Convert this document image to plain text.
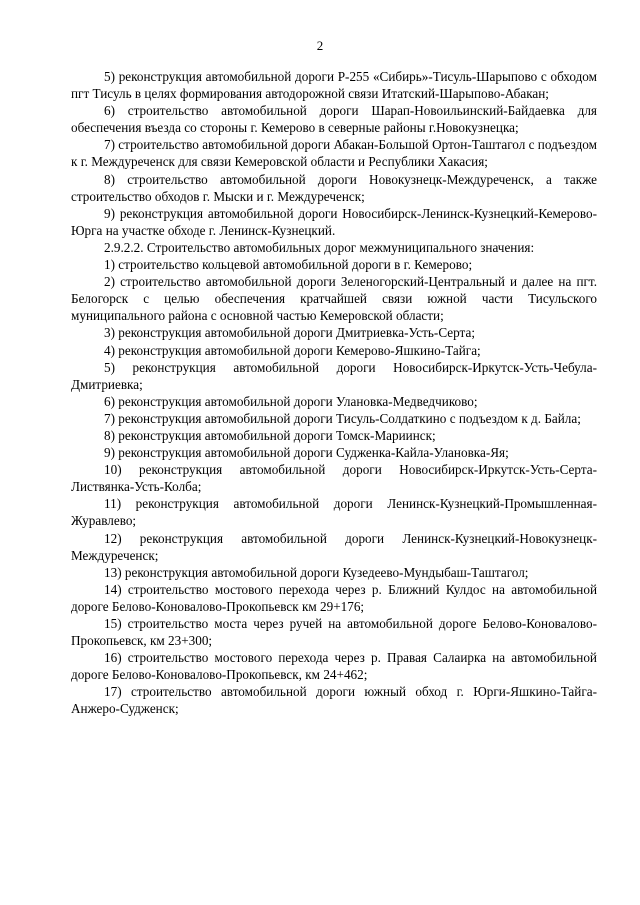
2

5) реконструкция автомобильной дороги Р-255 «Сибирь»-Тисуль-Шарыпово с обходом пгт Тисуль в целях формирования автодорожной связи Итатский-Шарыпово-Абакан;

6) строительство автомобильной дороги Шарап-Новоильинский-Байдаевка для обеспечения въезда со стороны г. Кемерово в северные районы г.Новокузнецка;

7) строительство автомобильной дороги Абакан-Большой Ортон-Таштагол с подъездом к г. Междуреченск для связи Кемеровской области и Республики Хакасия;

8) строительство автомобильной дороги Новокузнецк-Междуреченск, а также строительство обходов г. Мыски и г. Междуреченск;

9) реконструкция автомобильной дороги Новосибирск-Ленинск-Кузнецкий-Кемерово-Юрга на участке обходе г. Ленинск-Кузнецкий.

2.9.2.2. Строительство автомобильных дорог межмуниципального значения:

1) строительство кольцевой автомобильной дороги в г. Кемерово;

2) строительство автомобильной дороги Зеленогорский-Центральный и далее на пгт. Белогорск с целью обеспечения кратчайшей связи южной части Тисульского муниципального района с основной частью Кемеровской области;

3) реконструкция автомобильной дороги Дмитриевка-Усть-Серта;

4) реконструкция автомобильной дороги Кемерово-Яшкино-Тайга;

5) реконструкция автомобильной дороги Новосибирск-Иркутск-Усть-Чебула-Дмитриевка;

6) реконструкция автомобильной дороги Улановка-Медведчиково;

7) реконструкция автомобильной дороги Тисуль-Солдаткино с подъездом к д. Байла;

8) реконструкция автомобильной дороги Томск-Мариинск;

9) реконструкция автомобильной дороги Судженка-Кайла-Улановка-Яя;

10) реконструкция автомобильной дороги Новосибирск-Иркутск-Усть-Серта-Листвянка-Усть-Колба;

11) реконструкция автомобильной дороги Ленинск-Кузнецкий-Промышленная-Журавлево;

12) реконструкция автомобильной дороги Ленинск-Кузнецкий-Новокузнецк-Междуреченск;

13) реконструкция автомобильной дороги Кузедеево-Мундыбаш-Таштагол;

14) строительство мостового перехода через р. Ближний Кулдос на автомобильной дороге Белово-Коновалово-Прокопьевск км 29+176;

15) строительство моста через ручей на автомобильной дороге Белово-Коновалово-Прокопьевск, км 23+300;

16) строительство мостового перехода через р. Правая Салаирка на автомобильной дороге Белово-Коновалово-Прокопьевск, км 24+462;

17) строительство автомобильной дороги южный обход г. Юрги-Яшкино-Тайга-Анжеро-Судженск;
